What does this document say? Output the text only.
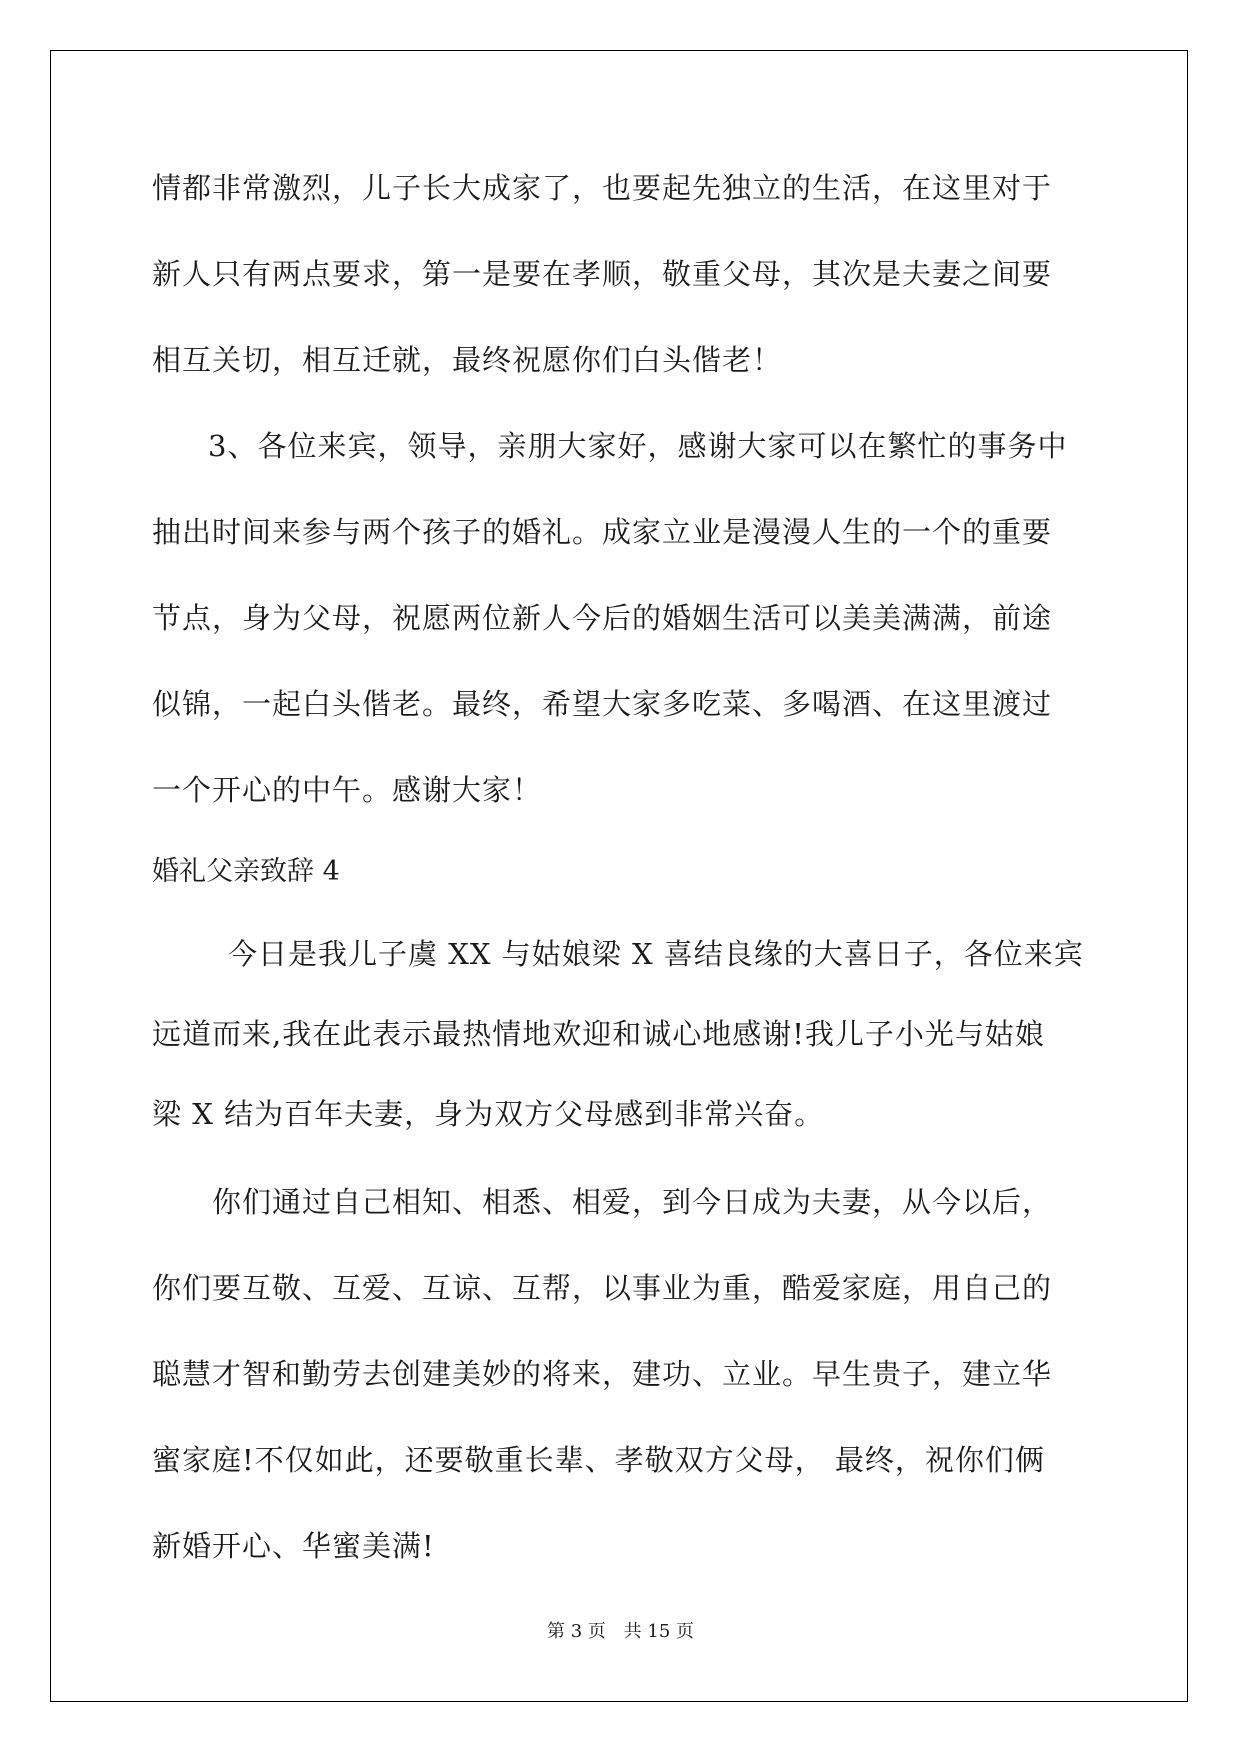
情都非常激烈，儿子长大成家了，也要起先独立的生活，在这里对于
新人只有两点要求，第一是要在孝顺，敬重父母，其次是夫妻之间要
相互关切，相互迁就，最终祝愿你们白头偕老！
3、各位来宾，领导，亲朋大家好，感谢大家可以在繁忙的事务中
抽出时间来参与两个孩子的婚礼。成家立业是漫漫人生的一个的重要
节点，身为父母，祝愿两位新人今后的婚姻生活可以美美满满，前途
似锦，一起白头偕老。最终，希望大家多吃菜、多喝酒、在这里渡过
一个开心的中午。感谢大家！
婚礼父亲致辞 4
今日是我儿子虞 XX 与姑娘梁 X 喜结良缘的大喜日子，各位来宾
远道而来,我在此表示最热情地欢迎和诚心地感谢!我儿子小光与姑娘
梁 X 结为百年夫妻，身为双方父母感到非常兴奋。
你们通过自己相知、相悉、相爱，到今日成为夫妻，从今以后，
你们要互敬、互爱、互谅、互帮，以事业为重，酷爱家庭，用自己的
聪慧才智和勤劳去创建美妙的将来，建功、立业。早生贵子，建立华
蜜家庭!不仅如此，还要敬重长辈、孝敬双方父母， 最终，祝你们俩
新婚开心、华蜜美满!
第 3 页 共 15 页
